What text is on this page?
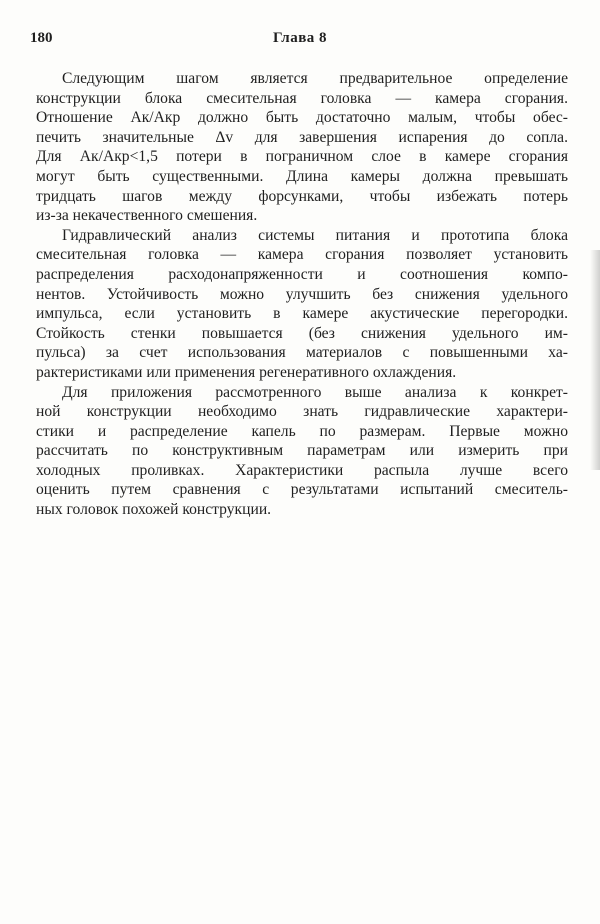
180	Глава 8

Следующим шагом является предварительное определение
конструкции блока смесительная головка — камера сгорания.
Отношение Aк/Aкр должно быть достаточно малым, чтобы обес-
печить значительные Δv для завершения испарения до сопла.
Для Aк/Aкр<1,5 потери в пограничном слое в камере сгорания
могут быть существенными. Длина камеры должна превышать
тридцать шагов между форсунками, чтобы избежать потерь
из-за некачественного смешения.

Гидравлический анализ системы питания и прототипа блока
смесительная головка — камера сгорания позволяет установить
распределения расходонапряженности и соотношения компо-
нентов. Устойчивость можно улучшить без снижения удельного
импульса, если установить в камере акустические перегородки.
Стойкость стенки повышается (без снижения удельного им-
пульса) за счет использования материалов с повышенными ха-
рактеристиками или применения регенеративного охлаждения.

Для приложения рассмотренного выше анализа к конкрет-
ной конструкции необходимо знать гидравлические характери-
стики и распределение капель по размерам. Первые можно
рассчитать по конструктивным параметрам или измерить при
холодных проливках. Характеристики распыла лучше всего
оценить путем сравнения с результатами испытаний смеситель-
ных головок похожей конструкции.
